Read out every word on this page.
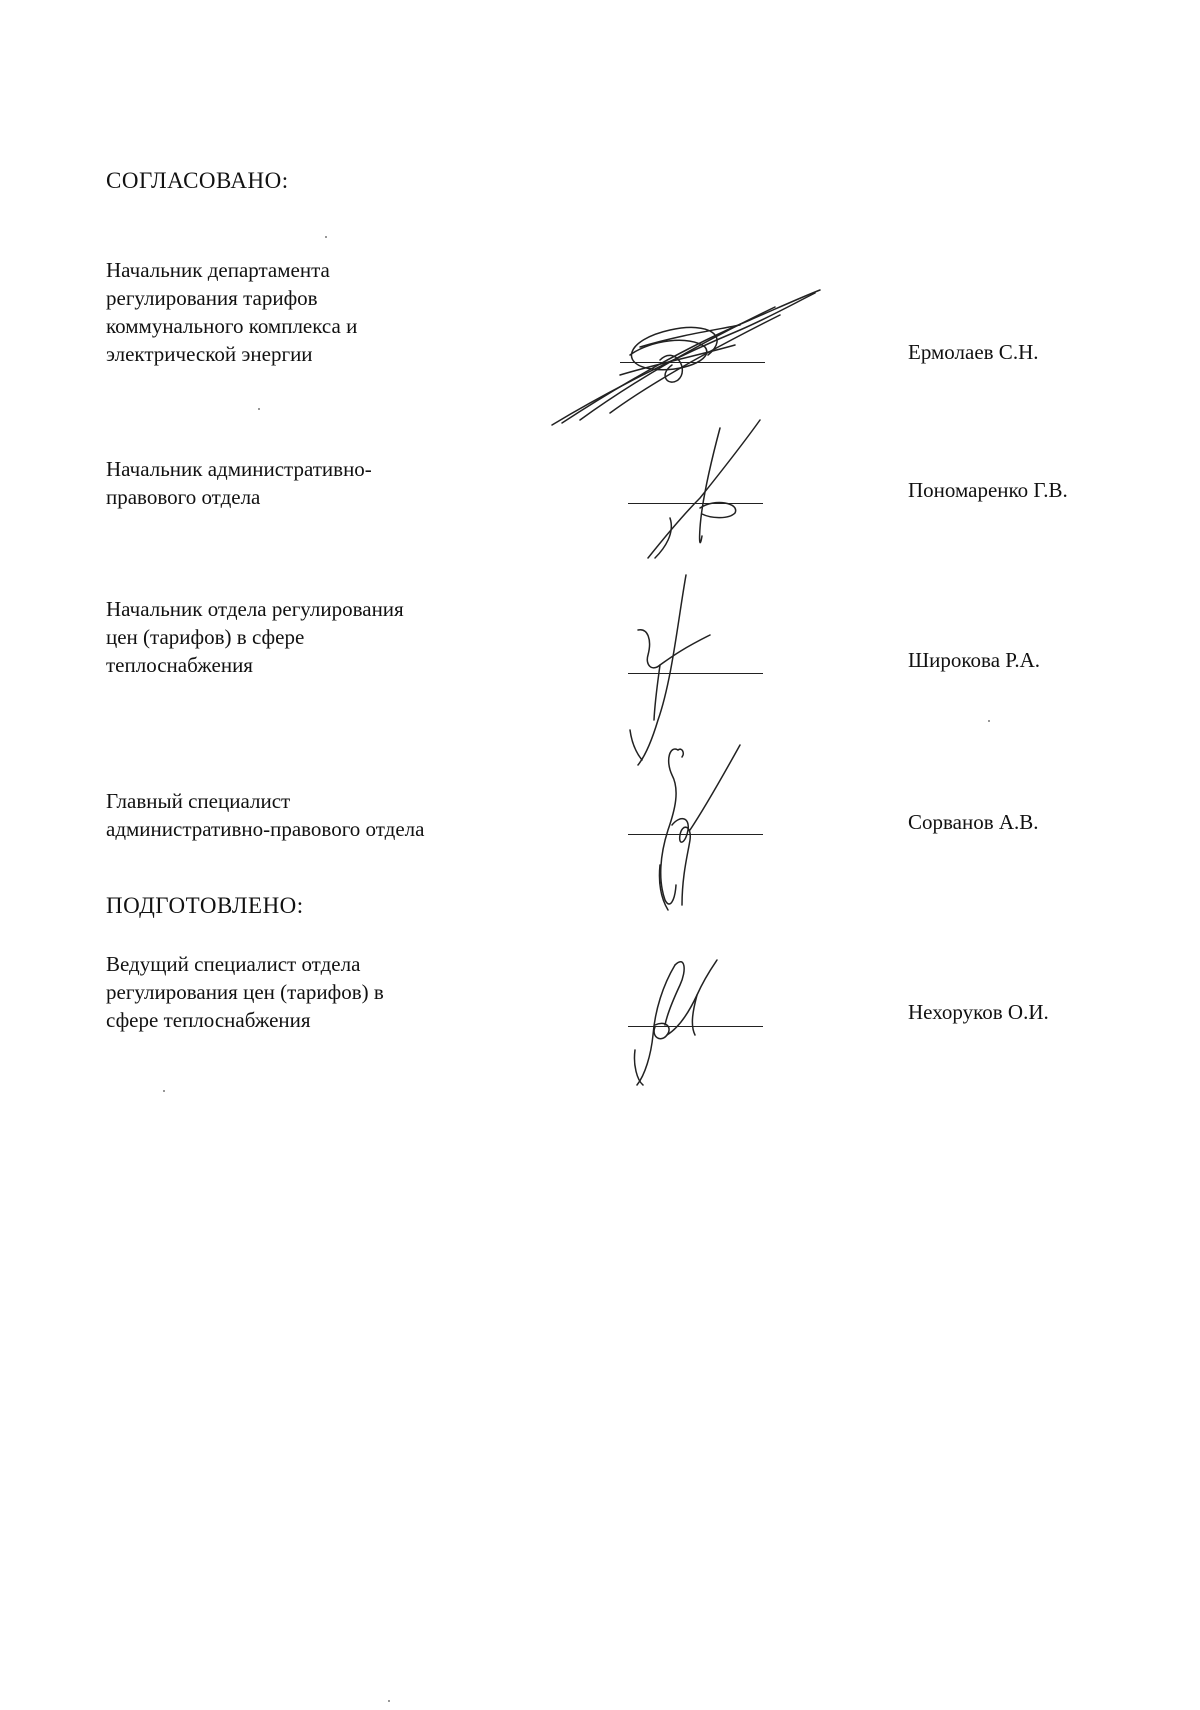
СОГЛАСОВАНО:
Начальник департамента
регулирования тарифов
коммунального комплекса и
электрической энергии	Ермолаев С.Н.
Начальник административно-
правового отдела	Пономаренко Г.В.
Начальник отдела регулирования
цен (тарифов) в сфере
теплоснабжения	Широкова Р.А.
Главный специалист
административно-правового отдела	Сорванов А.В.
ПОДГОТОВЛЕНО:
Ведущий специалист отдела
регулирования цен (тарифов) в
сфере теплоснабжения	Нехоруков О.И.
